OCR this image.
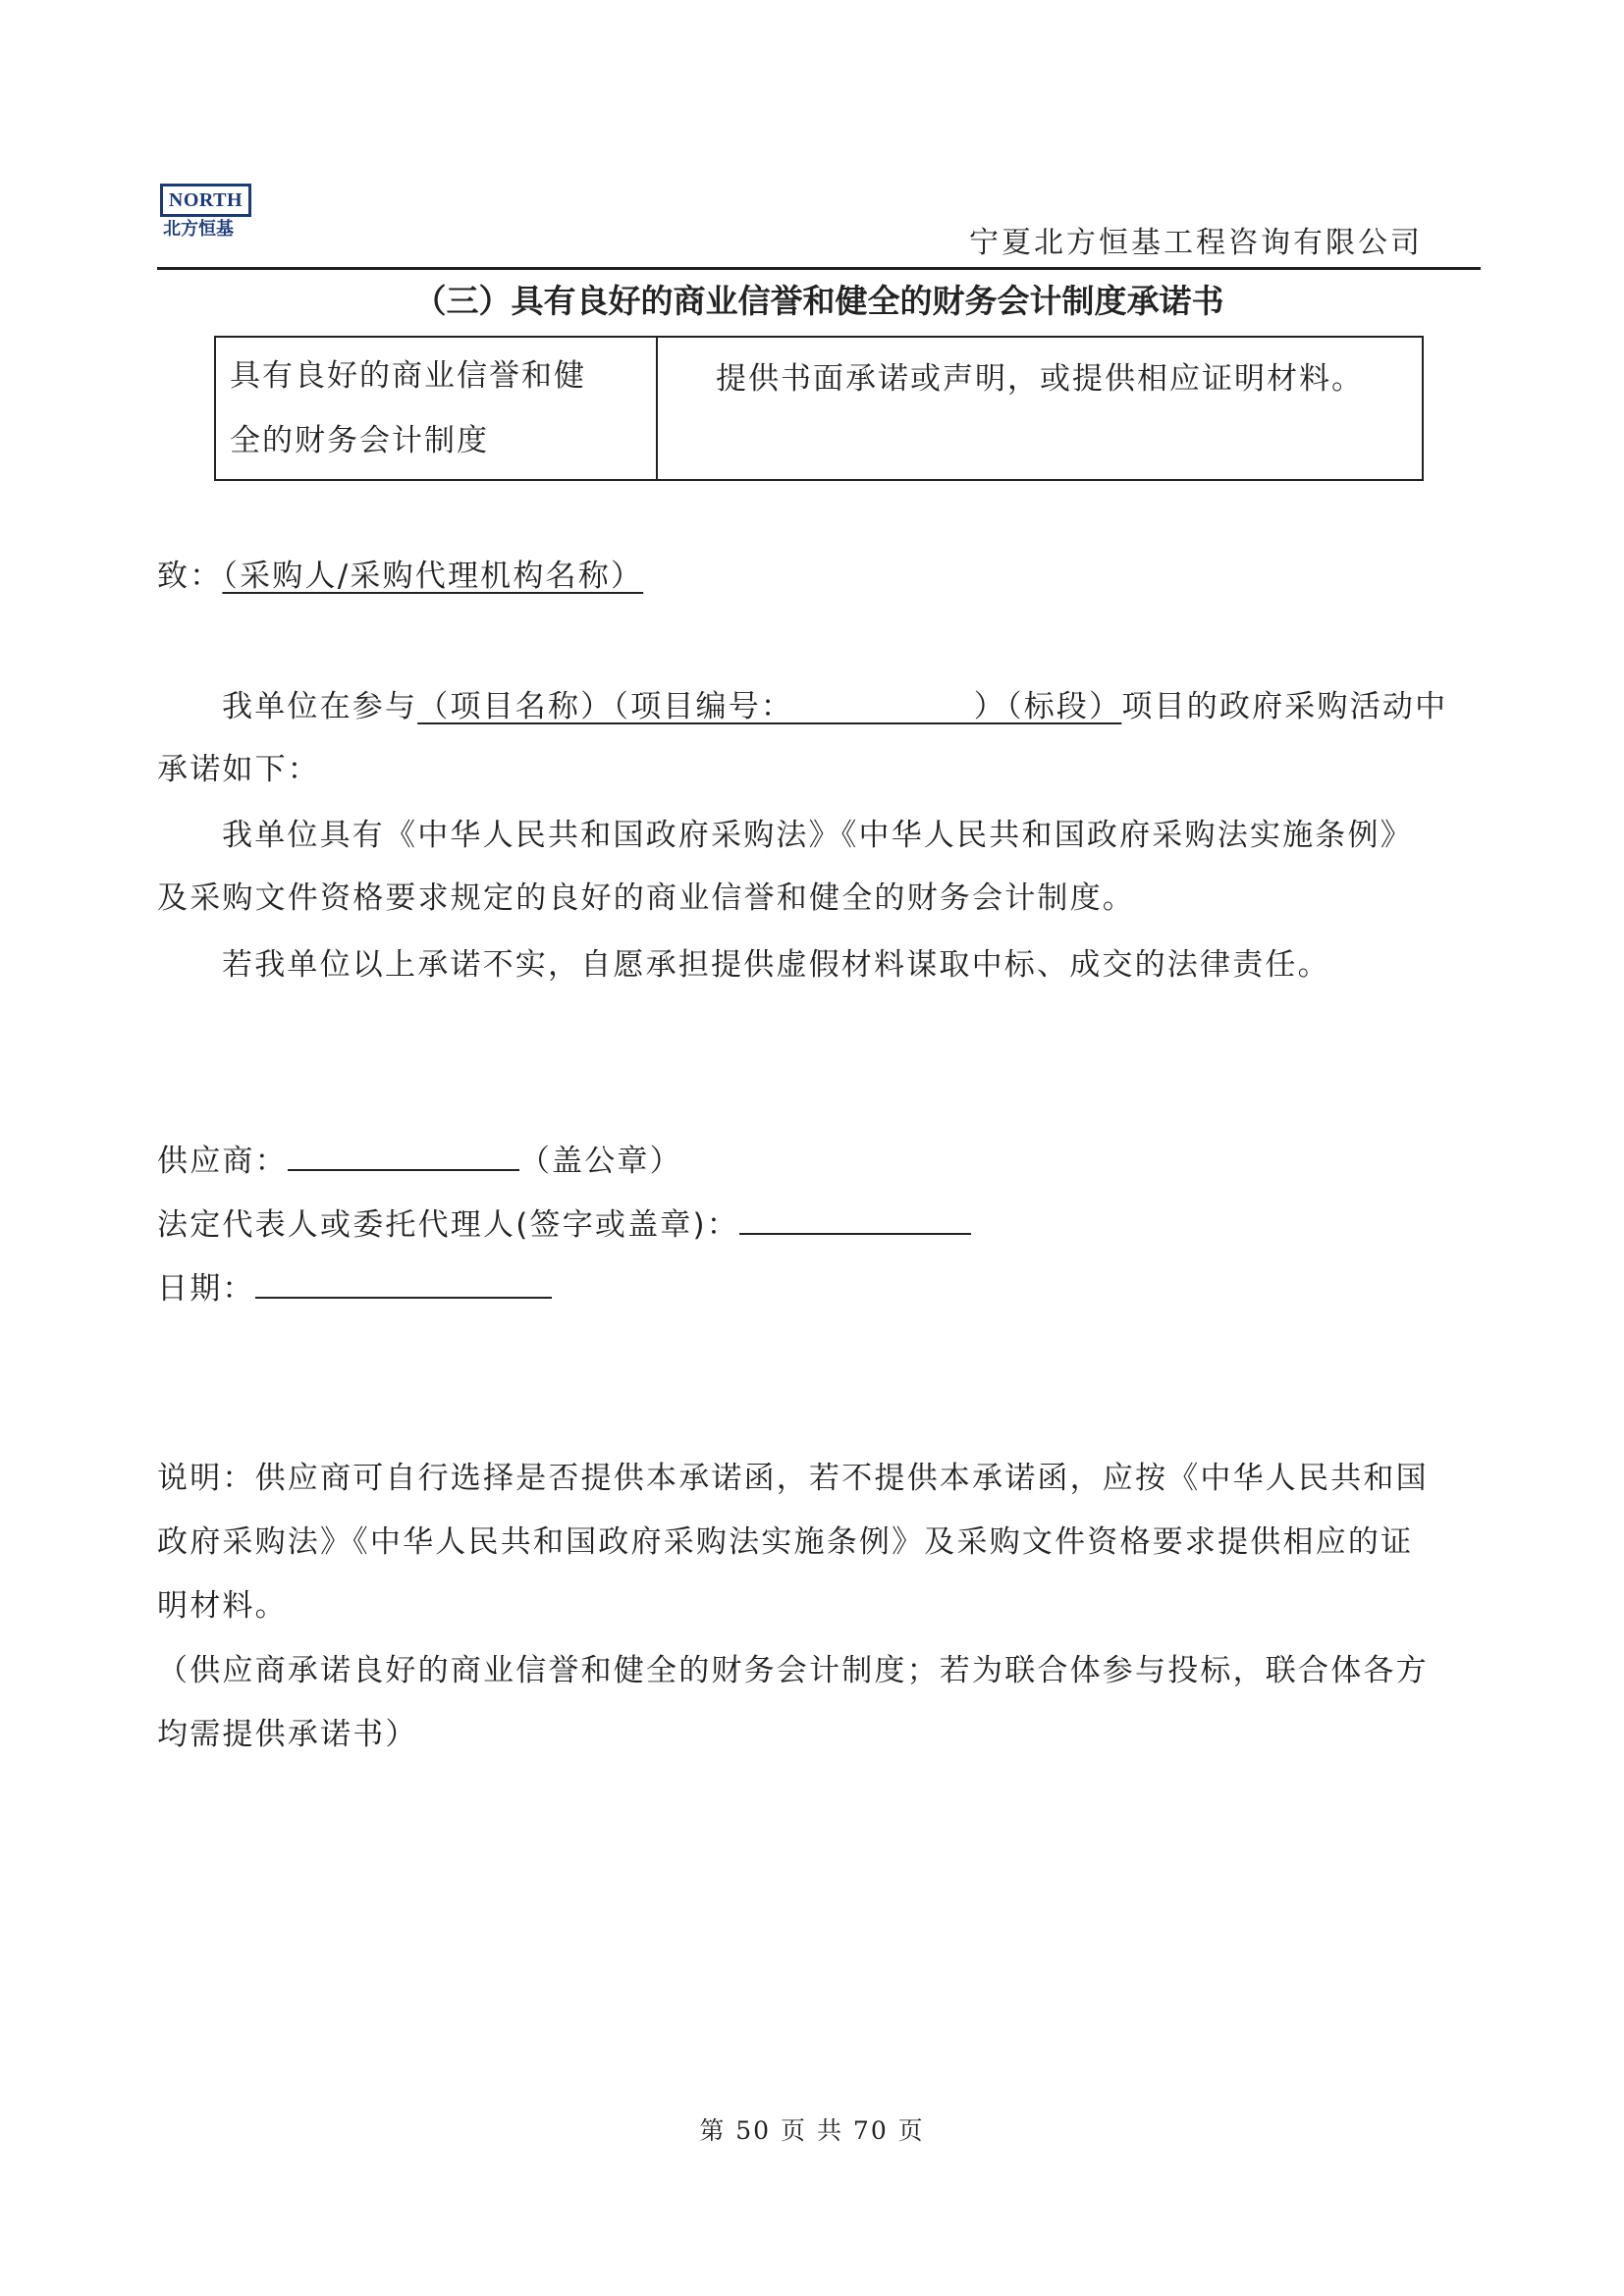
NORTH
北方恒基	宁夏北方恒基工程咨询有限公司
（三）具有良好的商业信誉和健全的财务会计制度承诺书
具有良好的商业信誉和健
全的财务会计制度
	提供书面承诺或声明，或提供相应证明材料。
致：（采购人/采购代理机构名称）
我单位在参与（项目名称）（项目编号：　　　　　　）（标段）项目的政府采购活动中
承诺如下：
我单位具有《中华人民共和国政府采购法》《中华人民共和国政府采购法实施条例》
及采购文件资格要求规定的良好的商业信誉和健全的财务会计制度。
若我单位以上承诺不实，自愿承担提供虚假材料谋取中标、成交的法律责任。
供应商：	（盖公章）
法定代表人或委托代理人(签字或盖章)：
日期：
说明：供应商可自行选择是否提供本承诺函，若不提供本承诺函，应按《中华人民共和国
政府采购法》《中华人民共和国政府采购法实施条例》及采购文件资格要求提供相应的证
明材料。
（供应商承诺良好的商业信誉和健全的财务会计制度；若为联合体参与投标，联合体各方
均需提供承诺书）
第 50 页 共 70 页
